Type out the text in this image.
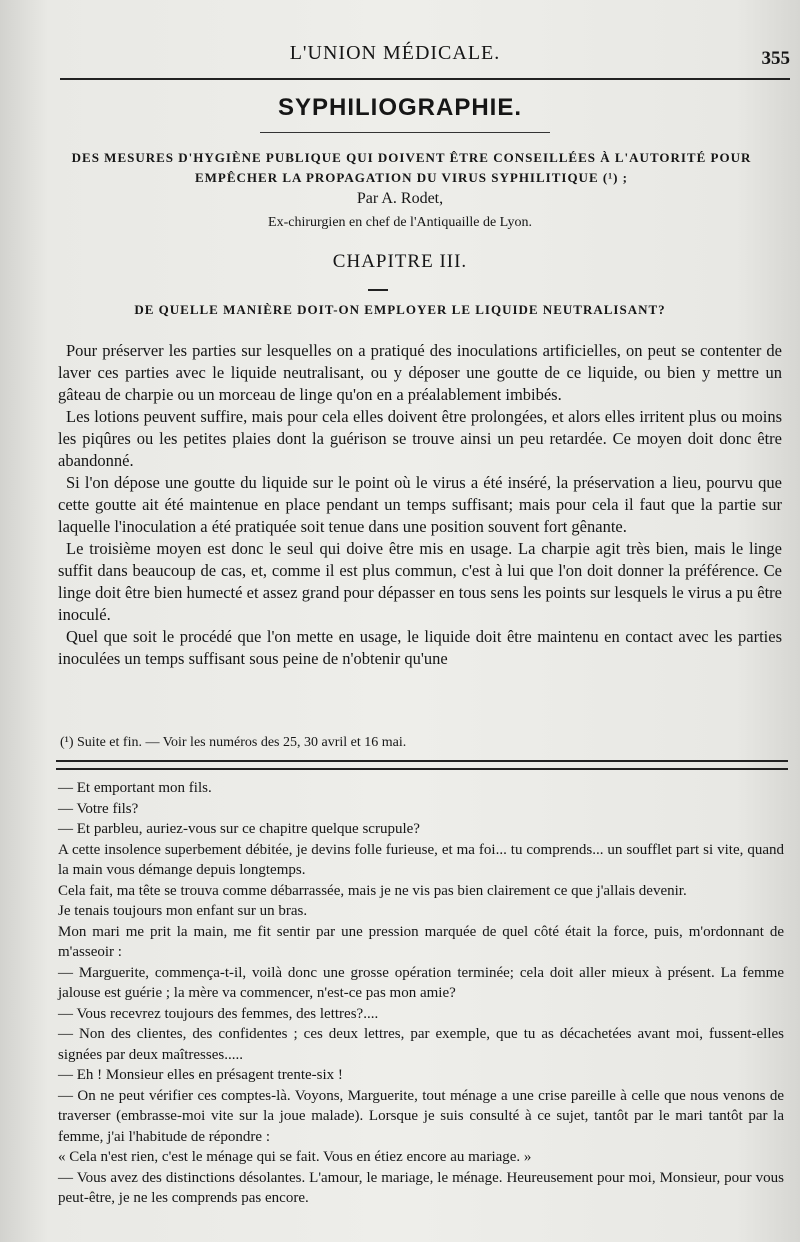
L'UNION MÉDICALE.	355
SYPHILIOGRAPHIE.
DES MESURES D'HYGIÈNE PUBLIQUE QUI DOIVENT ÊTRE CONSEILLÉES À L'AUTORITÉ POUR EMPÊCHER LA PROPAGATION DU VIRUS SYPHILITIQUE (¹) ;
Par A. Rodet,
Ex-chirurgien en chef de l'Antiquaille de Lyon.
CHAPITRE III.
DE QUELLE MANIÈRE DOIT-ON EMPLOYER LE LIQUIDE NEUTRALISANT?

Pour préserver les parties sur lesquelles on a pratiqué des inoculations artificielles, on peut se contenter de laver ces parties avec le liquide neutralisant, ou y déposer une goutte de ce liquide, ou bien y mettre un gâteau de charpie ou un morceau de linge qu'on en a préalablement imbibés.

Les lotions peuvent suffire, mais pour cela elles doivent être prolongées, et alors elles irritent plus ou moins les piqûres ou les petites plaies dont la guérison se trouve ainsi un peu retardée. Ce moyen doit donc être abandonné.

Si l'on dépose une goutte du liquide sur le point où le virus a été inséré, la préservation a lieu, pourvu que cette goutte ait été maintenue en place pendant un temps suffisant; mais pour cela il faut que la partie sur laquelle l'inoculation a été pratiquée soit tenue dans une position souvent fort gênante.

Le troisième moyen est donc le seul qui doive être mis en usage. La charpie agit très bien, mais le linge suffit dans beaucoup de cas, et, comme il est plus commun, c'est à lui que l'on doit donner la préférence. Ce linge doit être bien humecté et assez grand pour dépasser en tous sens les points sur lesquels le virus a pu être inoculé.

Quel que soit le procédé que l'on mette en usage, le liquide doit être maintenu en contact avec les parties inoculées un temps suffisant sous peine de n'obtenir qu'une

(¹) Suite et fin. — Voir les numéros des 25, 30 avril et 16 mai.

— Et emportant mon fils.

— Votre fils?

— Et parbleu, auriez-vous sur ce chapitre quelque scrupule?

A cette insolence superbement débitée, je devins folle furieuse, et ma foi... tu comprends... un soufflet part si vite, quand la main vous démange depuis longtemps.

Cela fait, ma tête se trouva comme débarrassée, mais je ne vis pas bien clairement ce que j'allais devenir.

Je tenais toujours mon enfant sur un bras.

Mon mari me prit la main, me fit sentir par une pression marquée de quel côté était la force, puis, m'ordonnant de m'asseoir :

— Marguerite, commença-t-il, voilà donc une grosse opération terminée; cela doit aller mieux à présent. La femme jalouse est guérie ; la mère va commencer, n'est-ce pas mon amie?

— Vous recevrez toujours des femmes, des lettres?....

— Non des clientes, des confidentes ; ces deux lettres, par exemple, que tu as décachetées avant moi, fussent-elles signées par deux maîtresses.....

— Eh ! Monsieur elles en présagent trente-six !

— On ne peut vérifier ces comptes-là. Voyons, Marguerite, tout ménage a une crise pareille à celle que nous venons de traverser (embrasse-moi vite sur la joue malade). Lorsque je suis consulté à ce sujet, tantôt par le mari tantôt par la femme, j'ai l'habitude de répondre :

« Cela n'est rien, c'est le ménage qui se fait. Vous en étiez encore au mariage. »

— Vous avez des distinctions désolantes. L'amour, le mariage, le ménage. Heureusement pour moi, Monsieur, pour vous peut-être, je ne les comprends pas encore.
